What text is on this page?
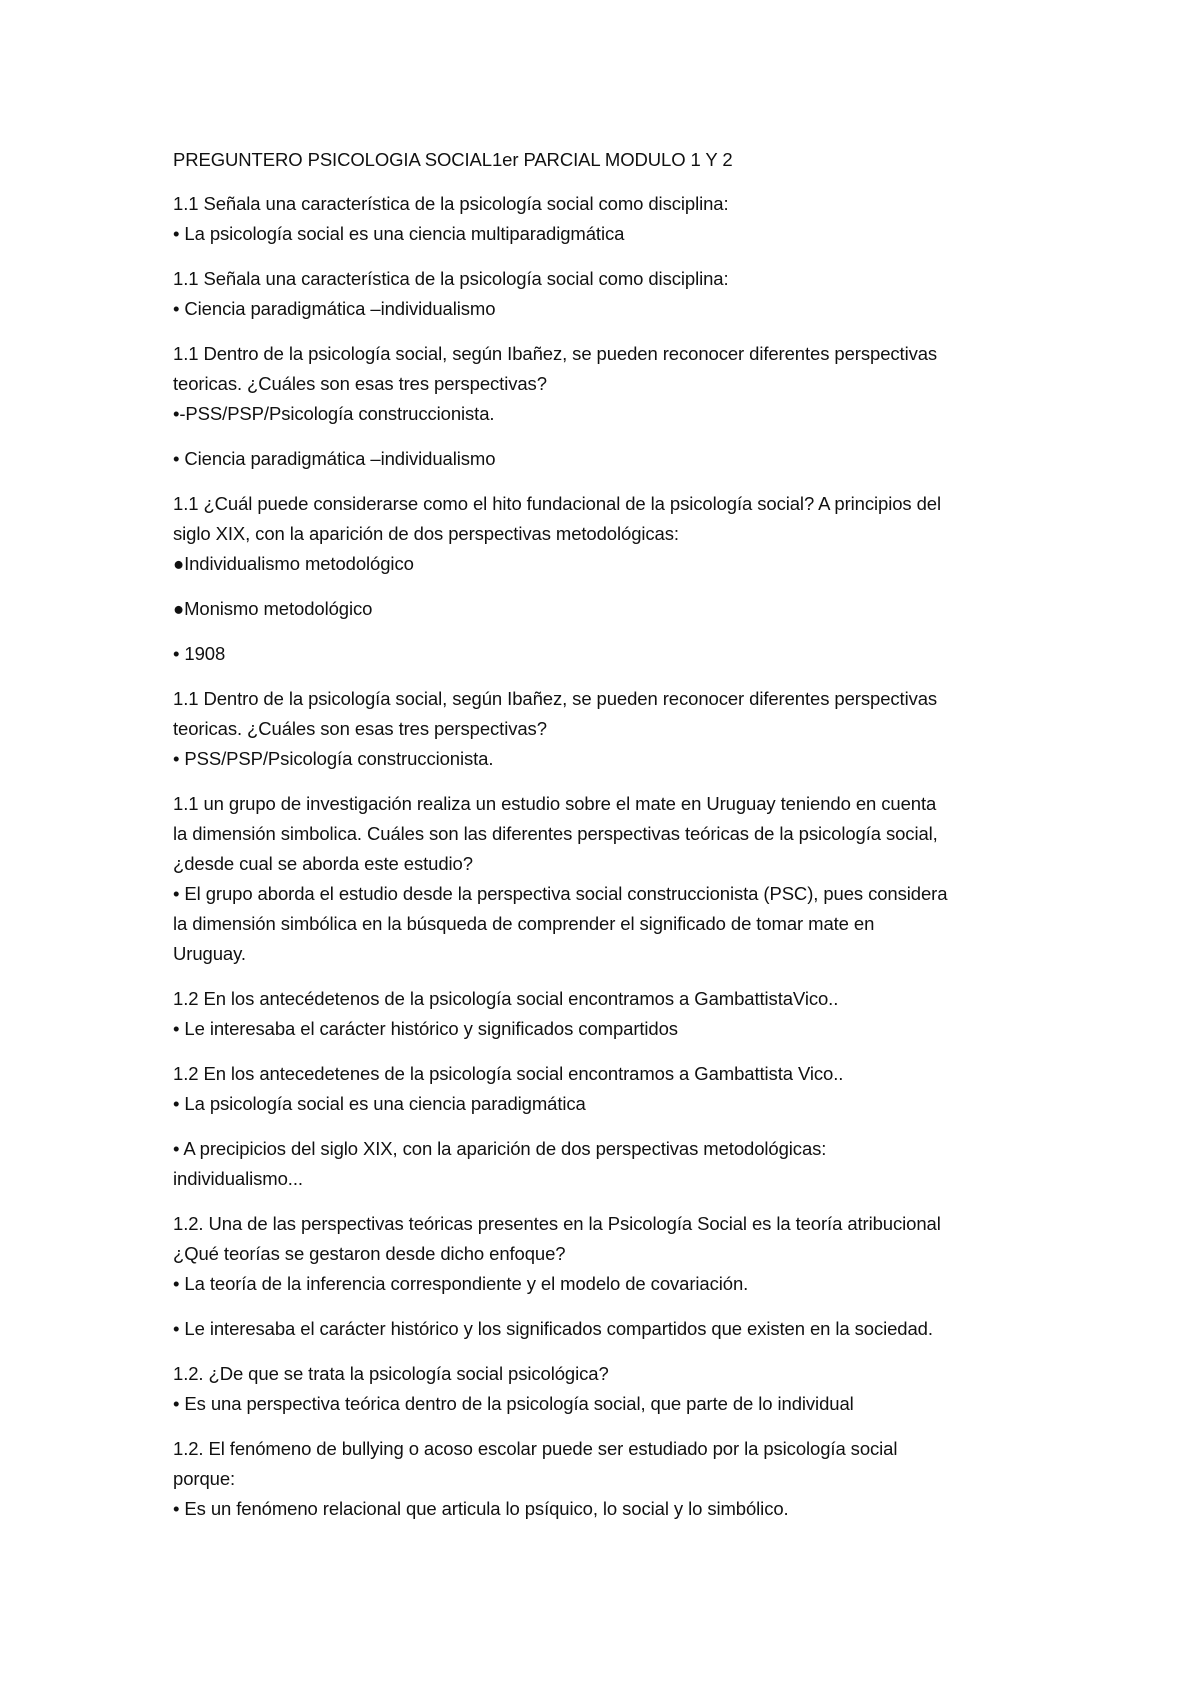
PREGUNTERO PSICOLOGIA SOCIAL1er PARCIAL MODULO 1 Y 2
1.1 Señala una característica de la psicología social como disciplina:
• La psicología social es una ciencia multiparadigmática
1.1 Señala una característica de la psicología social como disciplina:
• Ciencia paradigmática –individualismo
1.1 Dentro de la psicología social, según Ibañez, se pueden reconocer diferentes perspectivas
teoricas. ¿Cuáles son esas tres perspectivas?
•-PSS/PSP/Psicología construccionista.
• Ciencia paradigmática –individualismo
1.1 ¿Cuál puede considerarse como el hito fundacional de la psicología social? A principios del
siglo XIX, con la aparición de dos perspectivas metodológicas:
●Individualismo metodológico
●Monismo metodológico
• 1908
1.1 Dentro de la psicología social, según Ibañez, se pueden reconocer diferentes perspectivas
teoricas. ¿Cuáles son esas tres perspectivas?
• PSS/PSP/Psicología construccionista.
1.1 un grupo de investigación realiza un estudio sobre el mate en Uruguay teniendo en cuenta
la dimensión simbolica. Cuáles son las diferentes perspectivas teóricas de la psicología social,
¿desde cual se aborda este estudio?
• El grupo aborda el estudio desde la perspectiva social construccionista (PSC), pues considera
la dimensión simbólica en la búsqueda de comprender el significado de tomar mate en
Uruguay.
1.2 En los antecédetenos de la psicología social encontramos a GambattistaVico..
• Le interesaba el carácter histórico y significados compartidos
1.2 En los antecedetenes de la psicología social encontramos a Gambattista Vico..
• La psicología social es una ciencia paradigmática
• A precipicios del siglo XIX, con la aparición de dos perspectivas metodológicas:
individualismo...
1.2. Una de las perspectivas teóricas presentes en la Psicología Social es la teoría atribucional
¿Qué teorías se gestaron desde dicho enfoque?
• La teoría de la inferencia correspondiente y el modelo de covariación.
• Le interesaba el carácter histórico y los significados compartidos que existen en la sociedad.
1.2. ¿De que se trata la psicología social psicológica?
• Es una perspectiva teórica dentro de la psicología social, que parte de lo individual
1.2. El fenómeno de bullying o acoso escolar puede ser estudiado por la psicología social
porque:
• Es un fenómeno relacional que articula lo psíquico, lo social y lo simbólico.
